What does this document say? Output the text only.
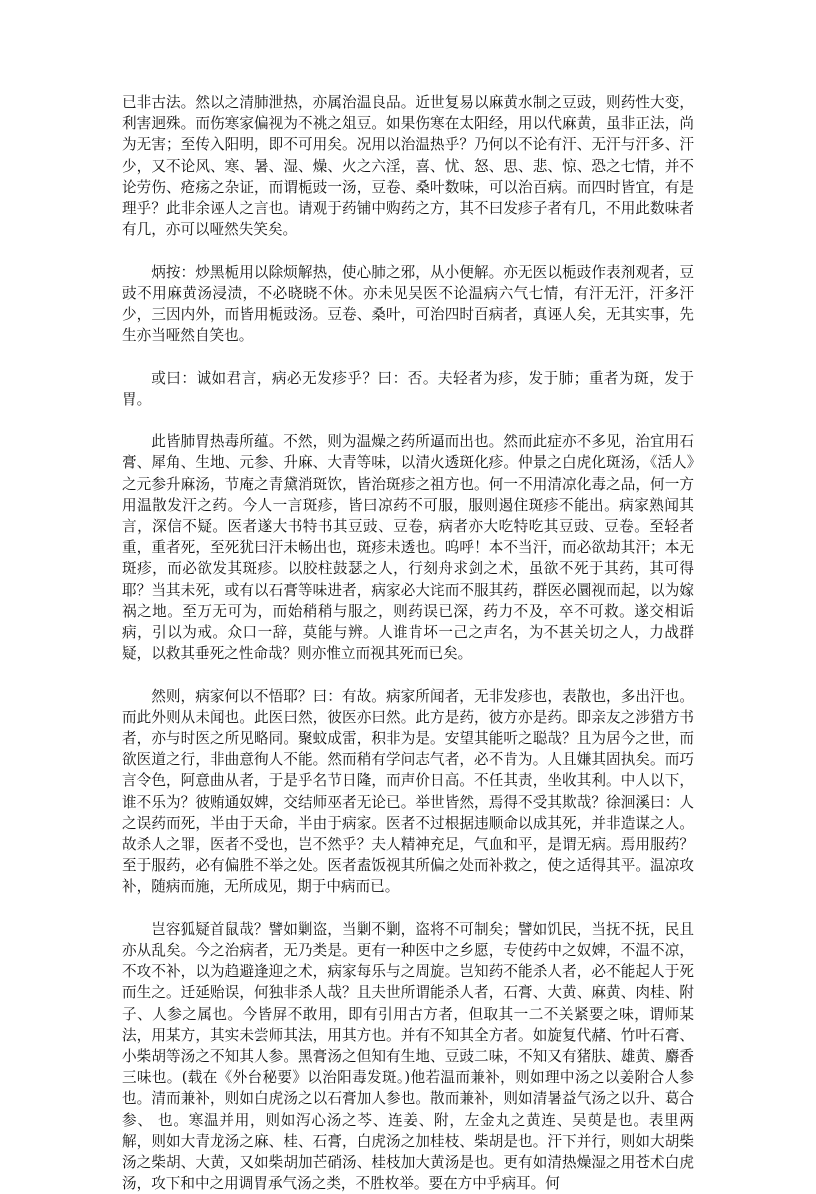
已非古法。然以之清肺泄热，亦属治温良品。近世复易以麻黄水制之豆豉，则药性大变，利害迥殊。而伤寒家偏视为不祧之俎豆。如果伤寒在太阳经，用以代麻黄，虽非正法，尚为无害；至传入阳明，即不可用矣。况用以治温热乎？乃何以不论有汗、无汗与汗多、汗少，又不论风、寒、暑、湿、燥、火之六淫，喜、忧、怒、思、悲、惊、恐之七情，并不论劳伤、疮疡之杂证，而谓栀豉一汤，豆卷、桑叶数味，可以治百病。而四时皆宜，有是理乎？此非余诬人之言也。请观于药铺中购药之方，其不曰发疹子者有几，不用此数味者有几，亦可以哑然失笑矣。

炳按：炒黑栀用以除烦解热，使心肺之邪，从小便解。亦无医以栀豉作表剂观者，豆豉不用麻黄汤浸渍，不必晓晓不休。亦未见吴医不论温病六气七情，有汗无汗，汗多汗少，三因内外，而皆用栀豉汤。豆卷、桑叶，可治四时百病者，真诬人矣，无其实事，先生亦当哑然自笑也。

或曰：诚如君言，病必无发疹乎？曰：否。夫轻者为疹，发于肺；重者为斑，发于胃。

此皆肺胃热毒所蕴。不然，则为温燥之药所逼而出也。然而此症亦不多见，治宜用石膏、犀角、生地、元参、升麻、大青等味，以清火透斑化疹。仲景之白虎化斑汤，《活人》之元参升麻汤，节庵之青黛消斑饮，皆治斑疹之祖方也。何一不用清凉化毒之品，何一方用温散发汗之药。今人一言斑疹，皆曰凉药不可服，服则遏住斑疹不能出。病家熟闻其言，深信不疑。医者遂大书特书其豆豉、豆卷，病者亦大吃特吃其豆豉、豆卷。至轻者重，重者死，至死犹曰汗未畅出也，斑疹未透也。呜呼！本不当汗，而必欲劫其汗；本无斑疹，而必欲发其斑疹。以胶柱鼓瑟之人，行刻舟求剑之术，虽欲不死于其药，其可得耶？当其未死，或有以石膏等味进者，病家必大诧而不服其药，群医必圜视而起，以为嫁祸之地。至万无可为，而始稍稍与服之，则药误已深，药力不及，卒不可救。遂交相诟病，引以为戒。众口一辞，莫能与辨。人谁肯坏一己之声名，为不甚关切之人，力战群疑，以救其垂死之性命哉？则亦惟立而视其死而已矣。

然则，病家何以不悟耶？曰：有故。病家所闻者，无非发疹也，表散也，多出汗也。而此外则从未闻也。此医曰然，彼医亦曰然。此方是药，彼方亦是药。即亲友之涉猎方书者，亦与时医之所见略同。聚蚊成雷，积非为是。安望其能听之聪哉？且为居今之世，而欲医道之行，非曲意徇人不能。然而稍有学问志气者，必不肯为。人且嫌其固执矣。而巧言令色，阿意曲从者，于是乎名节日隆，而声价日高。不任其责，坐收其利。中人以下，谁不乐为？彼贿通奴婢，交结师巫者无论已。举世皆然，焉得不受其欺哉？徐洄溪曰：人之误药而死，半由于天命，半由于病家。医者不过根据违顺命以成其死，并非造谋之人。故杀人之罪，医者不受也，岂不然乎？夫人精神充足，气血和平，是谓无病。焉用服药？至于服药，必有偏胜不举之处。医者盍饭视其所偏之处而补救之，使之适得其平。温凉攻补，随病而施，无所成见，期于中病而已。

岂容狐疑首鼠哉？譬如剿盗，当剿不剿，盗将不可制矣；譬如饥民，当抚不抚，民且亦从乱矣。今之治病者，无乃类是。更有一种医中之乡愿，专使药中之奴婢，不温不凉，不攻不补，以为趋避逢迎之术，病家每乐与之周旋。岂知药不能杀人者，必不能起人于死而生之。迁延贻误，何独非杀人哉？且夫世所谓能杀人者，石膏、大黄、麻黄、肉桂、附子、人参之属也。今皆屏不敢用，即有引用古方者，但取其一二不关紧要之味，谓师某法，用某方，其实未尝师其法，用其方也。并有不知其全方者。如旋复代赭、竹叶石膏、小柴胡等汤之不知其人参。黑膏汤之但知有生地、豆豉二味，不知又有猪肤、雄黄、麝香三味也。(载在《外台秘要》以治阳毒发斑。)他若温而兼补，则如理中汤之以姜附合人参也。清而兼补，则如白虎汤之以石膏加人参也。散而兼补，则如清暑益气汤之以升、葛合参、 也。寒温并用，则如泻心汤之芩、连姜、附，左金丸之黄连、吴萸是也。表里两解，则如大青龙汤之麻、桂、石膏，白虎汤之加桂枝、柴胡是也。汗下并行，则如大胡柴汤之柴胡、大黄，又如柴胡加芒硝汤、桂枝加大黄汤是也。更有如清热燥湿之用苍术白虎汤，攻下和中之用调胃承气汤之类，不胜枚举。要在方中乎病耳。何
